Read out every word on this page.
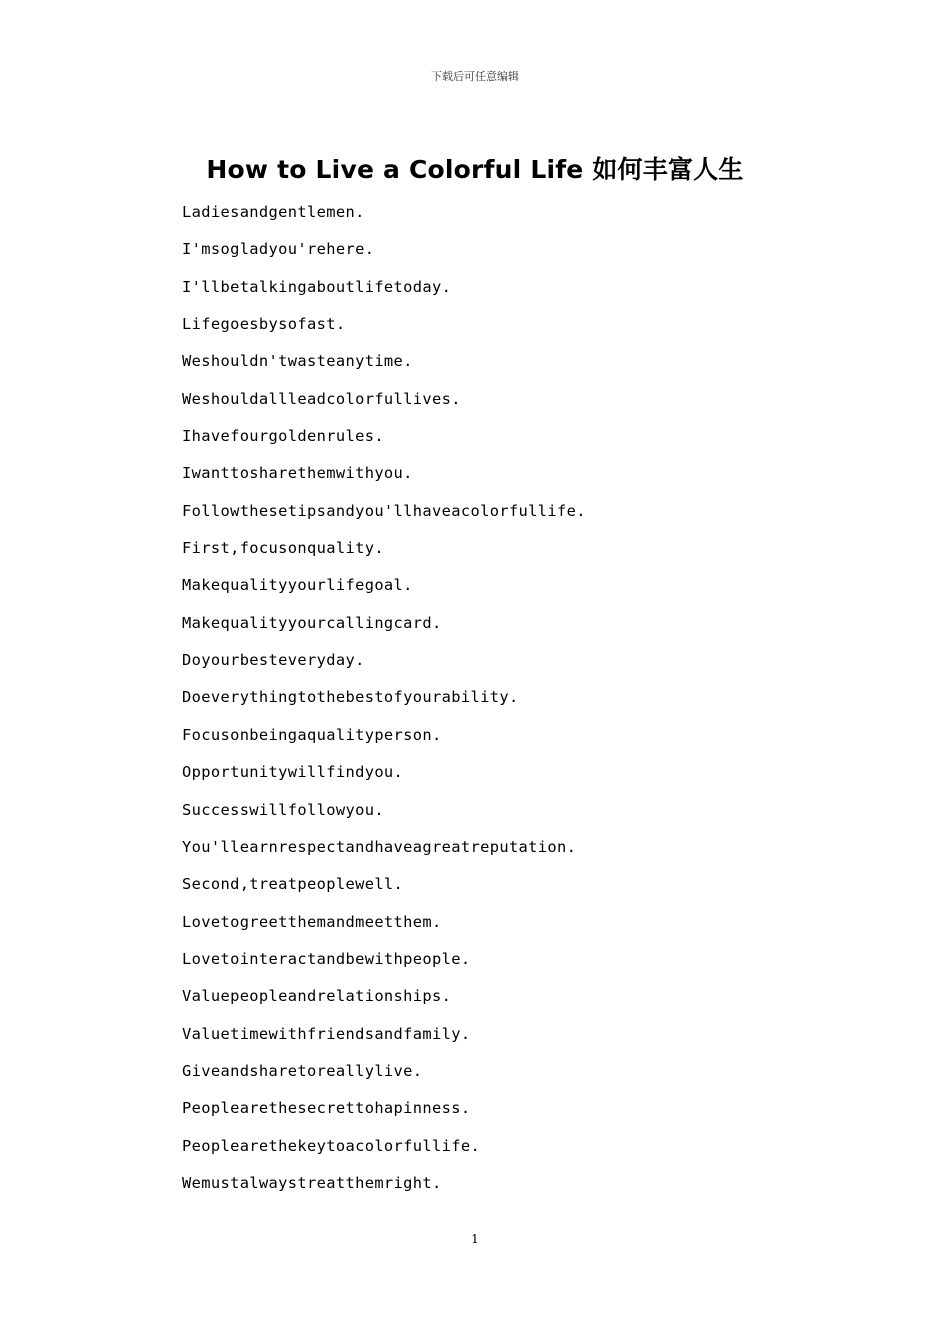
下载后可任意编辑
How to Live a Colorful Life 如何丰富人生
Ladiesandgentlemen.
I'msogladyou'rehere.
I'llbetalkingaboutlifetoday.
Lifegoesbysofast.
Weshouldn'twasteanytime.
Weshouldallleadcolorfullives.
Ihavefourgoldenrules.
Iwanttosharethemwithyou.
Followthesetipsandyou'llhaveacolorfullife.
First,focusonquality.
Makequalityyourlifegoal.
Makequalityyourcallingcard.
Doyourbesteveryday.
Doeverythingtothebestofyourability.
Focusonbeingaqualityperson.
Opportunitywillfindyou.
Successwillfollowyou.
You'llearnrespectandhaveagreatreputation.
Second,treatpeoplewell.
Lovetogreetthemandmeetthem.
Lovetointeractandbewithpeople.
Valuepeopleandrelationships.
Valuetimewithfriendsandfamily.
Giveandsharetoreallylive.
Peoplearethesecrettohapinness.
Peoplearethekeytoacolorfullife.
Wemustalwaystreatthemright.
1
